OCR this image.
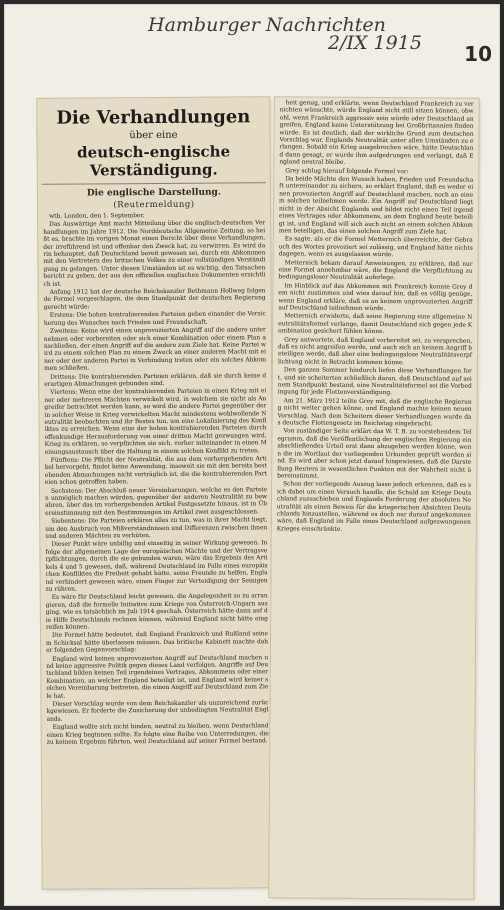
Hamburger Nachrichten
2/IX 1915 10
Die Verhandlungen
über eine
deutsch-englische Verständigung.
Die englische Darstellung.
(Reutermeldung)

wtb. London, den 1. September.

Das Auswärtige Amt macht Mitteilung über die englisch-deutschen Verhandlungen im Jahre 1912. Die Norddeutsche Allgemeine Zeitung, so heißt es, brachte im vorigen Monat einen Bericht über diese Verhandlungen, der irreführend ist und offenbar den Zweck hat, zu verwirren. Es wird darin behauptet, daß Deutschland bereit gewesen sei, durch ein Abkommen mit den Vertretern des britischen Volkes zu einer vollständigen Verständigung zu gelangen. Unter diesen Umständen ist es wichtig, den Tatsachenbericht zu geben, der aus den offiziellen englischen Dokumenten ersichtlich ist.

Anfang 1912 hat der deutsche Reichskanzler Bethmann Hollweg folgende Formel vorgeschlagen, die dem Standpunkt der deutschen Regierung gerecht würde:

Erstens: Die hohen kontrahierenden Parteien geben einander die Versicherung des Wunsches nach Frieden und Freundschaft.

Zweitens: Keine wird einen unprovozierten Angriff auf die andere unternehmen oder vorbereiten oder sich einer Kombination oder einem Plan anschließen, der einen Angriff auf die andere zum Ziele hat. Keine Partei wird zu einem solchen Plan zu einem Zweck an einer anderen Macht mit einer oder der anderen Partei in Verbindung treten oder ein solches Abkommen schließen.

Drittens: Die kontrahierenden Parteien erklären, daß sie durch keine derartigen Abmachungen gebunden sind.

Viertens: Wenn eine der kontrahierenden Parteien in einen Krieg mit einer oder mehreren Mächten verwickelt wird, in welchem sie nicht als Angreifer betrachtet werden kann, so wird die andere Partei gegenüber der in solcher Weise in Krieg verwickelten Macht mindestens wohlwollende Neutralität beobachten und ihr Bestes tun, um eine Lokalisierung des Konfliktes zu erreichen. Wenn eine der hohen kontrahierenden Parteien durch offenkundige Herausforderung von einer dritten Macht gezwungen wird, Krieg zu erklären, so verpflichten sie sich, vorher miteinander in einen Meinungsaustausch über die Haltung in einem solchen Konflikt zu treten.

Fünftens: Die Pflicht der Neutralität, die aus dem vorhergehenden Artikel hervorgeht, findet keine Anwendung, insoweit sie mit den bereits bestehenden Abmachungen nicht verträglich ist, die die kontrahierenden Parteien schon getroffen haben.

Sechstens: Der Abschluß neuer Vereinbarungen, welche es den Parteien unmöglich machen würden, gegenüber der anderen Neutralität zu bewahren, über das im vorhergehenden Artikel Festgesetzte hinaus, ist in Übereinstimmung mit den Bestimmungen im Artikel zwei ausgeschlossen.

Siebentens: Die Parteien erklären alles zu tun, was in ihrer Macht liegt, um den Ausbruch von Mißverständnissen und Differenzen zwischen ihnen und anderen Mächten zu verhüten.

Dieser Punkt wäre unbillig und einseitig in seiner Wirkung gewesen. Infolge der allgemeinen Lage der europäischen Mächte und der Vertragsverpflichtungen, durch die sie gebunden waren, wäre das Ergebnis des Artikels 4 und 5 gewesen, daß, während Deutschland im Falle eines europäischen Konfliktes die Freiheit gehabt hätte, seine Freunde zu helfen, England verhindert gewesen wäre, einen Finger zur Verteidigung der Seinigen zu rühren.

Es wäre für Deutschland leicht gewesen, die Angelegenheit so zu arrangieren, daß die formelle Initiative zum Kriege von Österreich-Ungarn ausging, wie es tatsächlich im Juli 1914 geschah. Österreich hätte dann auf die Hilfe Deutschlands rechnen können, während England nicht hätte eingreifen können.

Die Formel hätte bedeutet, daß England Frankreich und Rußland seinem Schicksal hätte überlassen müssen. Das britische Kabinett machte daher folgenden Gegenvorschlag:

England wird keinen unprovozierten Angriff auf Deutschland machen und keine aggressive Politik gegen dieses Land verfolgen. Angriffe auf Deutschland bilden keinen Teil irgendeines Vertrages, Abkommens oder einer Kombination, an welcher England beteiligt ist, und England wird keiner solchen Vereinbarung beitreten, die einen Angriff auf Deutschland zum Ziele hat.

Dieser Vorschlag wurde von dem Reichskanzler als unzureichend zurückgewiesen. Er forderte die Zusicherung der unbedingten Neutralität Englands.

England wollte sich nicht binden, neutral zu bleiben, wenn Deutschland einen Krieg beginnen sollte. Es folgte eine Reihe von Unterredungen, die zu keinem Ergebnis führten, weil Deutschland auf seiner Formel bestand.

heit genug, und erklärte, wenn Deutschland Frankreich zu vernichten wünschte, würde England nicht still sitzen können, obwohl, wenn Frankreich aggressiv sein würde oder Deutschland angreifen, England keine Unterstützung bei Großbritannien finden würde. Es ist deutlich, daß der wirkliche Grund zum deutschen Vorschlag war, Englands Neutralität unter allen Umständen zu erlangen. Sobald ein Krieg ausgebrochen wäre, hätte Deutschland dann gesagt, er wurde ihm aufgedrungen und verlangt, daß England neutral bleibe.

Grey schlug hierauf folgende Formel vor:

Da beide Mächte den Wunsch haben, Frieden und Freundschaft untereinander zu sichern, so erklärt England, daß es weder einen provozierten Angriff auf Deutschland machen, noch an einem solchen teilnehmen werde. Ein Angriff auf Deutschland liegt nicht in der Absicht Englands und bildet nicht einen Teil irgend eines Vertrages oder Abkommens, an dem England heute beteiligt ist, und England will sich auch nicht an einem solchen Abkommen beteiligen, das einen solchen Angriff zum Ziele hat.

Es sagte, als er die Formel Metternich überreichte, der Gebrauch des Wortes provoziert sei zulässig, und England hätte nichts dagegen, wenn es ausgelassen würde.

Metternich bekam darauf Anweisungen, zu erklären, daß nur eine Formel annehmbar wäre, die England die Verpflichtung zu bedingungsloser Neutralität auferlege.

Im Hinblick auf das Abkommen mit Frankreich konnte Grey dem nicht zustimmen und wies darauf hin, daß es völlig genüge, wenn England erkläre, daß es an keinem unprovozierten Angriff auf Deutschland teilnehmen würde.

Metternich erwiderte, daß seine Regierung eine allgemeine Neutralitätsformel verlange, damit Deutschland sich gegen jede Kombination gesichert fühlen könne.

Grey antwortete, daß England vorbereitet sei, zu versprechen, daß es nicht angreifen werde, und auch sich an keinem Angriff beteiligen werde, daß aber eine bedingungslose Neutralitätsverpflichtung nicht in Betracht kommen könne.

Den ganzen Sommer hindurch liefen diese Verhandlungen fort, und sie scheiterten schließlich daran, daß Deutschland auf seinem Standpunkt bestand, eine Neutralitätsformel sei die Vorbedingung für jede Flottenverständigung.

Am 21. März 1912 teilte Grey mit, daß die englische Regierung nicht weiter gehen könne, und England machte keinen neuen Vorschlag. Nach dem Scheitern dieser Verhandlungen wurde das deutsche Flottengesetz im Reichstag eingebracht.

Von zuständiger Seite erklärt das W. T. B. zu vorstehendem Telegramm, daß die Veröffentlichung der englischen Regierung ein abschließendes Urteil erst dann abzugeben werden könne, wenn die im Wortlaut der vorliegenden Urkunden geprüft worden sind. Es wird aber schon jetzt darauf hingewiesen, daß die Darstellung Reuters in wesentlichen Punkten mit der Wahrheit nicht übereinstimmt.

Schon der vorliegende Auszug lasse jedoch erkennen, daß es sich dabei um einen Versuch handle, die Schuld am Kriege Deutschland zuzuschieben und Englands Forderung der absoluten Neutralität als einen Beweis für die kriegerischen Absichten Deutschlands hinzustellen, während es doch nur darauf angekommen wäre, daß England im Falle eines Deutschland aufgezwungenen Krieges einschränkte.
